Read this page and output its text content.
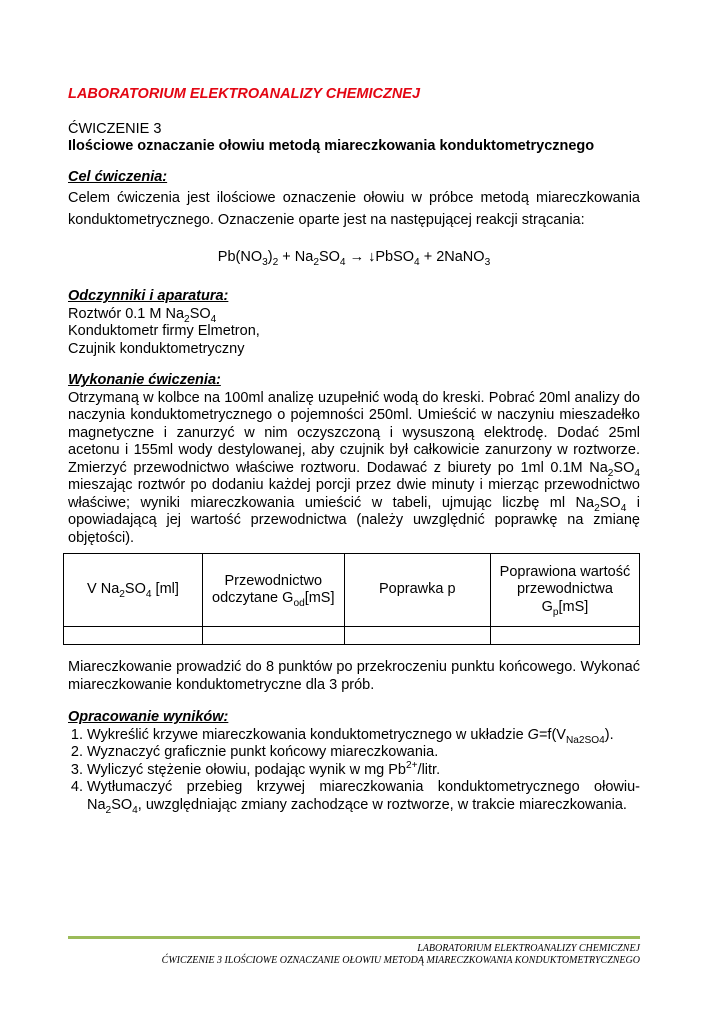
LABORATORIUM ELEKTROANALIZY CHEMICZNEJ
ĆWICZENIE 3
Ilościowe oznaczanie ołowiu metodą miareczkowania konduktometrycznego
Cel ćwiczenia:
Celem ćwiczenia jest ilościowe oznaczenie ołowiu w próbce metodą miareczkowania konduktometrycznego. Oznaczenie oparte jest na następującej reakcji strącania:
$Pb(NO_3)_2 + Na_2SO_4$ → ↓PbSO$_4$ + 2NaNO$_3$
Odczynniki i aparatura:
Roztwór 0.1 M $Na_2SO_4$
Konduktometr firmy Elmetron,
Czujnik konduktometryczny
Wykonanie ćwiczenia:
Otrzymaną w kolbce na 100ml analizę uzupełnić wodą do kreski. Pobrać 20ml analizy do naczynia konduktometrycznego o pojemności 250ml. Umieścić w naczyniu mieszadełko magnetyczne i zanurzyć w nim oczyszczoną i wysuszoną elektrodę. Dodać 25ml acetonu i 155ml wody destylowanej, aby czujnik był całkowicie zanurzony w roztworze. Zmierzyć przewodnictwo właściwe roztworu. Dodawać z biurety po 1ml 0.1M $Na_2SO_4$ mieszając roztwór po dodaniu każdej porcji przez dwie minuty i mierząc przewodnictwo właściwe; wyniki miareczkowania umieścić w tabeli, ujmując liczbę ml $Na_2SO_4$ i opowiadającą jej wartość przewodnictwa (należy uwzględnić poprawkę na zmianę objętości).
V $Na_2SO_4$ [ml]	Przewodnictwo odczytane $G_{od}[mS]$	Poprawka p	Poprawiona wartość przewodnictwa $G_p[mS]$

Miareczkowanie prowadzić do 8 punktów po przekroczeniu punktu końcowego. Wykonać miareczkowanie konduktometryczne dla 3 prób.
Opracowanie wyników:
1. Wykreślić krzywe miareczkowania konduktometrycznego w układzie $G=f(V_{Na2SO4})$.
2. Wyznaczyć graficznie punkt końcowy miareczkowania.
3. Wyliczyć stężenie ołowiu, podając wynik w mg $Pb^{2+}$/litr.
4. Wytłumaczyć przebieg krzywej miareczkowania konduktometrycznego ołowiu-$Na_2SO_4$, uwzględniając zmiany zachodzące w roztworze, w trakcie miareczkowania.
LABORATORIUM ELEKTROANALIZY CHEMICZNEJ
ĆWICZENIE 3 ILOŚCIOWE OZNACZANIE OŁOWIU METODĄ MIARECZKOWANIA KONDUKTOMETRYCZNEGO
